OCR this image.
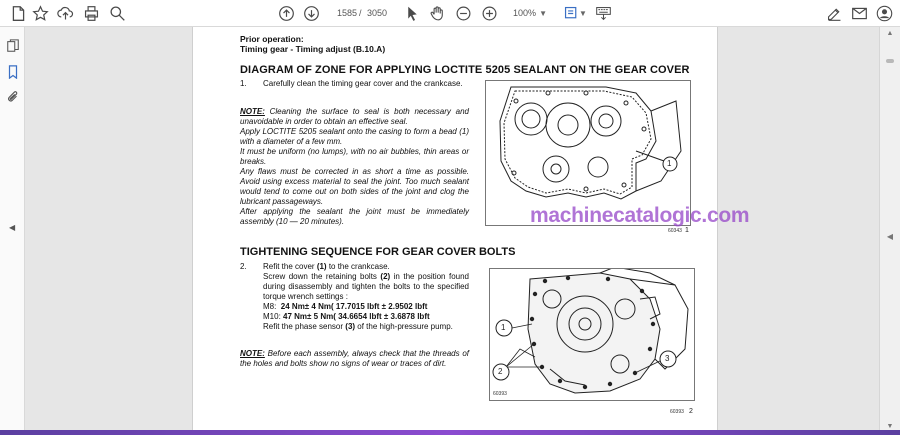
1585 / 3050	100% ▼	▼
◀
▲
◀
▼
Prior operation:
Timing gear - Timing adjust (B.10.A)
DIAGRAM OF ZONE FOR APPLYING LOCTITE 5205 SEALANT ON THE GEAR COVER
1. Carefully clean the timing gear cover and the crankcase.
NOTE: Cleaning the surface to seal is both necessary and unavoidable in order to obtain an effective seal.
Apply LOCTITE 5205 sealant onto the casing to form a bead (1) with a diameter of a few mm.
It must be uniform (no lumps), with no air bubbles, thin areas or breaks.
Any flaws must be corrected in as short a time as possible. Avoid using excess material to seal the joint. Too much sealant would tend to come out on both sides of the joint and clog the lubricant passageways.
After applying the sealant the joint must be immediately assembly (10 — 20 minutes).
1
60343 1
machinecatalogic.com
TIGHTENING SEQUENCE FOR GEAR COVER BOLTS
2. Refit the cover (1) to the crankcase.
Screw down the retaining bolts (2) in the position found during disassembly and tighten the bolts to the specified torque wrench settings :
M8: 24 Nm± 4 Nm( 17.7015 lbft ± 2.9502 lbft
M10: 47 Nm± 5 Nm( 34.6654 lbft ± 3.6878 lbft
Refit the phase sensor (3) of the high-pressure pump.
NOTE: Before each assembly, always check that the threads of the holes and bolts show no signs of wear or traces of dirt.
1
2
3
60393
60393 2
